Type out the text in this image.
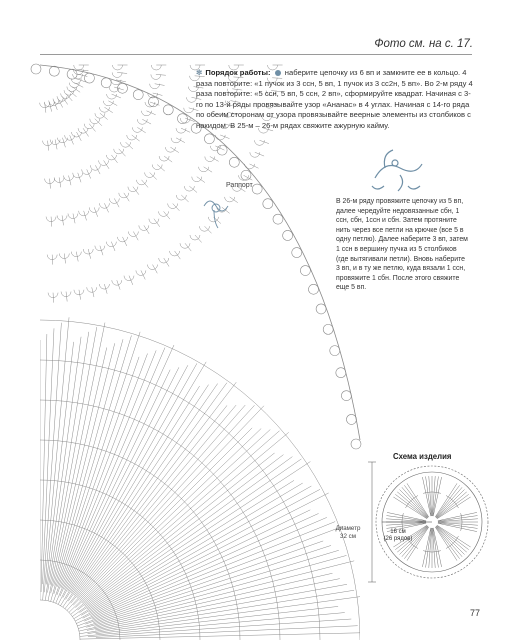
Фото см. на с. 17.
✼ Порядок работы: наберите цепочку из 6 вп и замкните ее в кольцо. 4 раза повторите: «1 пучок из 3 ссн, 5 вп, 1 пучок из 3 сс2н, 5 вп». Во 2-м ряду 4 раза повторите: «5 ссн, 5 вп, 5 ссн, 2 вп», сформируйте квадрат. Начиная с 3-го по 13-й ряды провязывайте узор «Ананас» в 4 углах. Начиная с 14-го ряда по обеим сторонам от узора провязывайте веерные элементы из столбиков с накидом. В 25-м – 26-м рядах свяжите ажурную кайму.
Раппорт
В 26-м ряду провяжите цепочку из 5 вп, далее чередуйте недовязанные сбн, 1 ссн, сбн, 1ссн и сбн. Затем протяните нить через все петли на крючке (все 5 в одну петлю). Далее наберите 3 вп, затем 1 ссн в вершину пучка из 5 столбиков (где вытягивали петли). Вновь наберите 3 вп, и в ту же петлю, куда вязали 1 ссн, провяжите 1 сбн. После этого свяжите еще 5 вп.
Схема изделия
Диаметр 32 см
16 см
(26 рядов)
77
